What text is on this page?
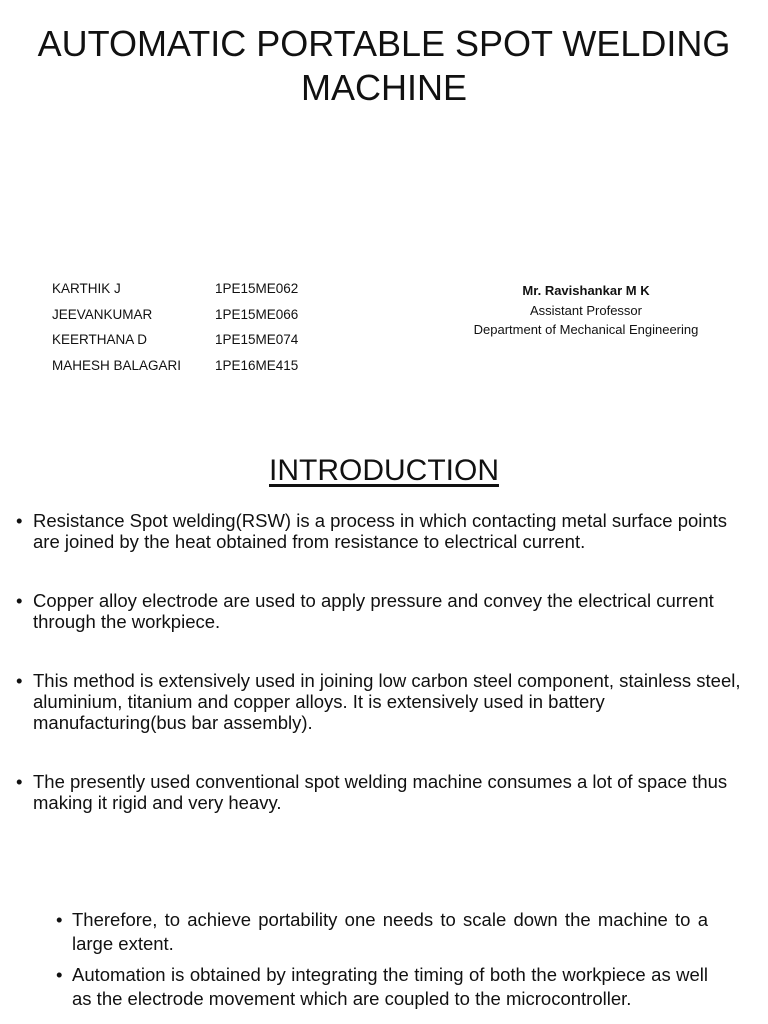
AUTOMATIC PORTABLE SPOT WELDING MACHINE
KARTHIK J	1PE15ME062
JEEVANKUMAR	1PE15ME066
KEERTHANA D	1PE15ME074
MAHESH BALAGARI	1PE16ME415
Mr. Ravishankar M K
Assistant Professor
Department of Mechanical Engineering
INTRODUCTION
• Resistance Spot welding(RSW) is a process in which contacting metal surface points are joined by the heat obtained from resistance to electrical current.
• Copper alloy electrode are used to apply pressure and convey the electrical current through the workpiece.
• This method is extensively used in joining low carbon steel component, stainless steel, aluminium, titanium and copper alloys. It is extensively used in battery manufacturing(bus bar assembly).
• The presently used conventional spot welding machine consumes a lot of space thus making it rigid and very heavy.
• Therefore, to achieve portability one needs to scale down the machine to a large extent.
• Automation is obtained by integrating the timing of both the workpiece as well as the electrode movement which are coupled to the microcontroller.
